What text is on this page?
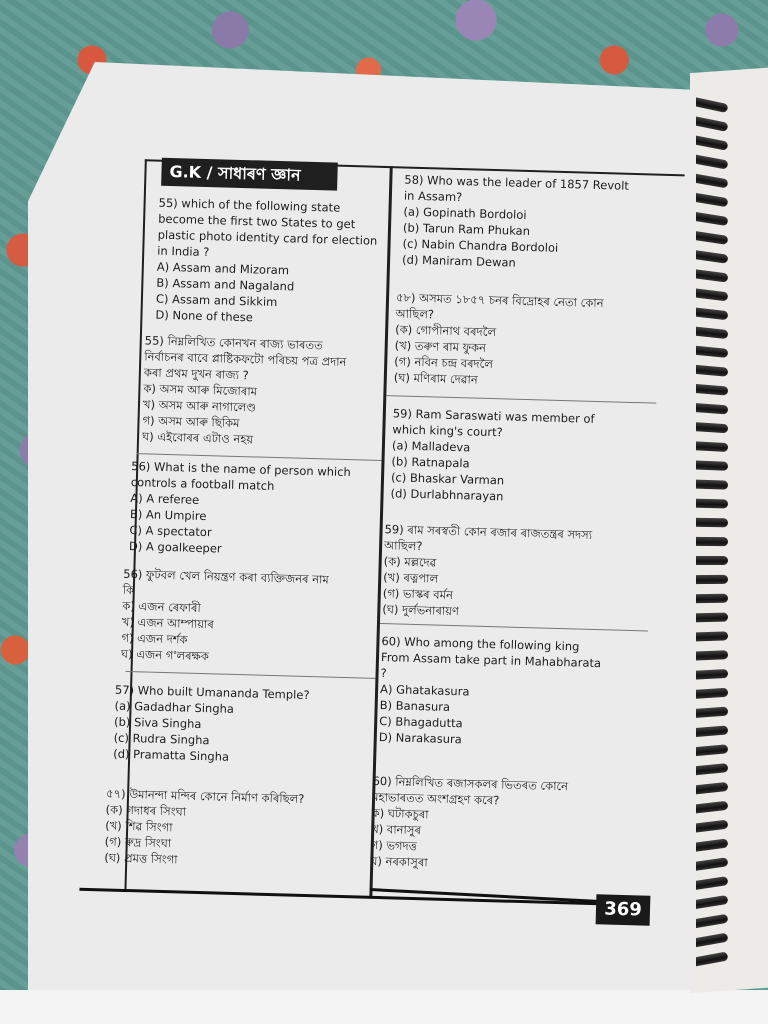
G.K / সাধাৰণ জ্ঞান
55) which of the following state
become the first two States to get
plastic photo identity card for election
in India ?
A) Assam and Mizoram
B) Assam and Nagaland
C) Assam and Sikkim
D) None of these
55) নিম্নলিখিত কোনখন ৰাজ্য ভাৰতত
নিৰ্বাচনৰ বাবে প্লাষ্টিকফটো পৰিচয় পত্ৰ প্ৰদান
কৰা প্ৰথম দুখন ৰাজ্য ?
ক) অসম আৰু মিজোৰাম
খ) অসম আৰু নাগালেণ্ড
গ) অসম আৰু ছিকিম
ঘ) এইবোৰৰ এটাও নহয়
56) What is the name of person which
controls a football match
A) A referee
B) An Umpire
C) A spectator
D) A goalkeeper
56) ফুটবল খেল নিয়ন্ত্ৰণ কৰা ব্যক্তিজনৰ নাম
কি
ক) এজন ৰেফাৰী
খ) এজন আম্পায়াৰ
গ) এজন দৰ্শক
ঘ) এজন গ'লৰক্ষক
57) Who built Umananda Temple?
(a) Gadadhar Singha
(b) Siva Singha
(c) Rudra Singha
(d) Pramatta Singha
৫৭) উমানন্দা মন্দিৰ কোনে নিৰ্মাণ কৰিছিল?
(ক) গদাধৰ সিংঘা
(খ) শিৱ সিংগা
(গ) ৰুদ্ৰ সিংঘা
(ঘ) প্ৰমত্ত সিংগা
58) Who was the leader of 1857 Revolt
in Assam?
(a) Gopinath Bordoloi
(b) Tarun Ram Phukan
(c) Nabin Chandra Bordoloi
(d) Maniram Dewan
৫৮) অসমত ১৮৫৭ চনৰ বিদ্ৰোহৰ নেতা কোন
আছিল?
(ক) গোপীনাথ বৰদলৈ
(খ) তৰুণ ৰাম ফুকন
(গ) নবিন চন্দ্ৰ বৰদলৈ
(ঘ) মণিৰাম দেৱান
59) Ram Saraswati was member of
which king's court?
(a) Malladeva
(b) Ratnapala
(c) Bhaskar Varman
(d) Durlabhnarayan
59) ৰাম সৰস্বতী কোন ৰজাৰ ৰাজতন্ত্ৰৰ সদস্য
আছিল?
(ক) মল্লদেৱ
(খ) ৰত্নপাল
(গ) ভাস্কৰ বৰ্মন
(ঘ) দুৰ্লভনাৰায়ণ
60) Who among the following king
From Assam take part in Mahabharata
?
A) Ghatakasura
B) Banasura
C) Bhagadutta
D) Narakasura
60) নিম্নলিখিত ৰজাসকলৰ ভিতৰত কোনে
মহাভাৰতত অংশগ্ৰহণ কৰে?
ক) ঘটাকচুৰা
খ) বানাসুৰ
গ) ভগদত্ত
ঘ) নৰকাসুৰা
369
